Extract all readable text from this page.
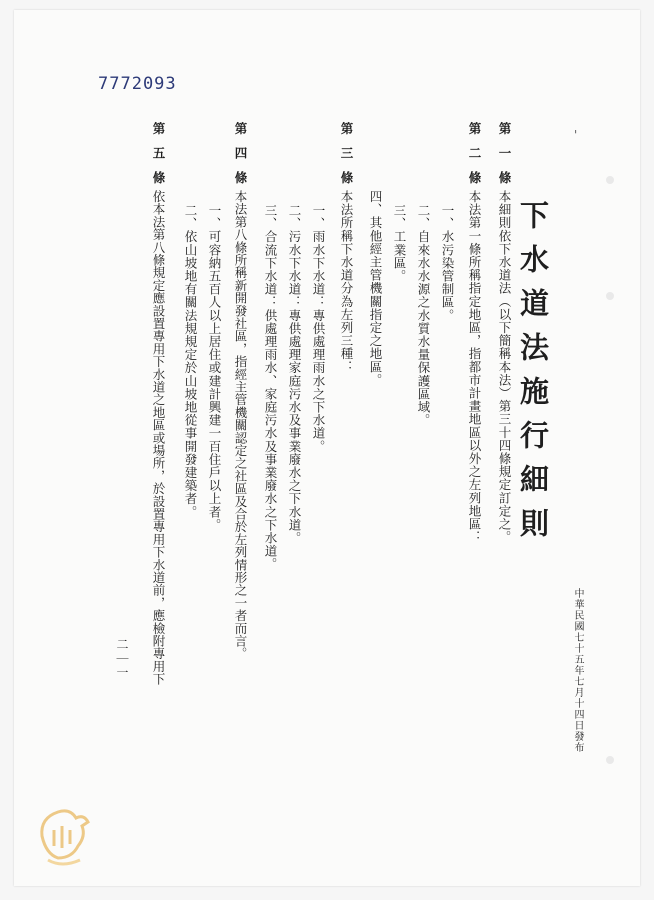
7772093
下水道法施行細則
中華民國七十五年七月十四日發布
第一條
本細則依下水道法（以下簡稱本法）第三十四條規定訂定之。
第二條
本法第一條所稱指定地區，指都市計畫地區以外之左列地區：
一、水污染管制區。
二、自來水水源之水質水量保護區域。
三、工業區。
四、其他經主管機關指定之地區。
第三條
本法所稱下水道分為左列三種：
一、雨水下水道：專供處理雨水之下水道。
二、污水下水道：專供處理家庭污水及事業廢水之下水道。
三、合流下水道：供處理雨水、家庭污水及事業廢水之下水道。
第四條
本法第八條所稱新開發社區，指經主管機關認定之社區及合於左列情形之一者而言。
一、可容納五百人以上居住或建計興建一百住戶以上者。
二、依山坡地有關法規規定於山坡地從事開發建築者。
第五條
依本法第八條規定應設置專用下水道之地區或場所，於設置專用下水道前，應檢附專用下
二｜一
'
